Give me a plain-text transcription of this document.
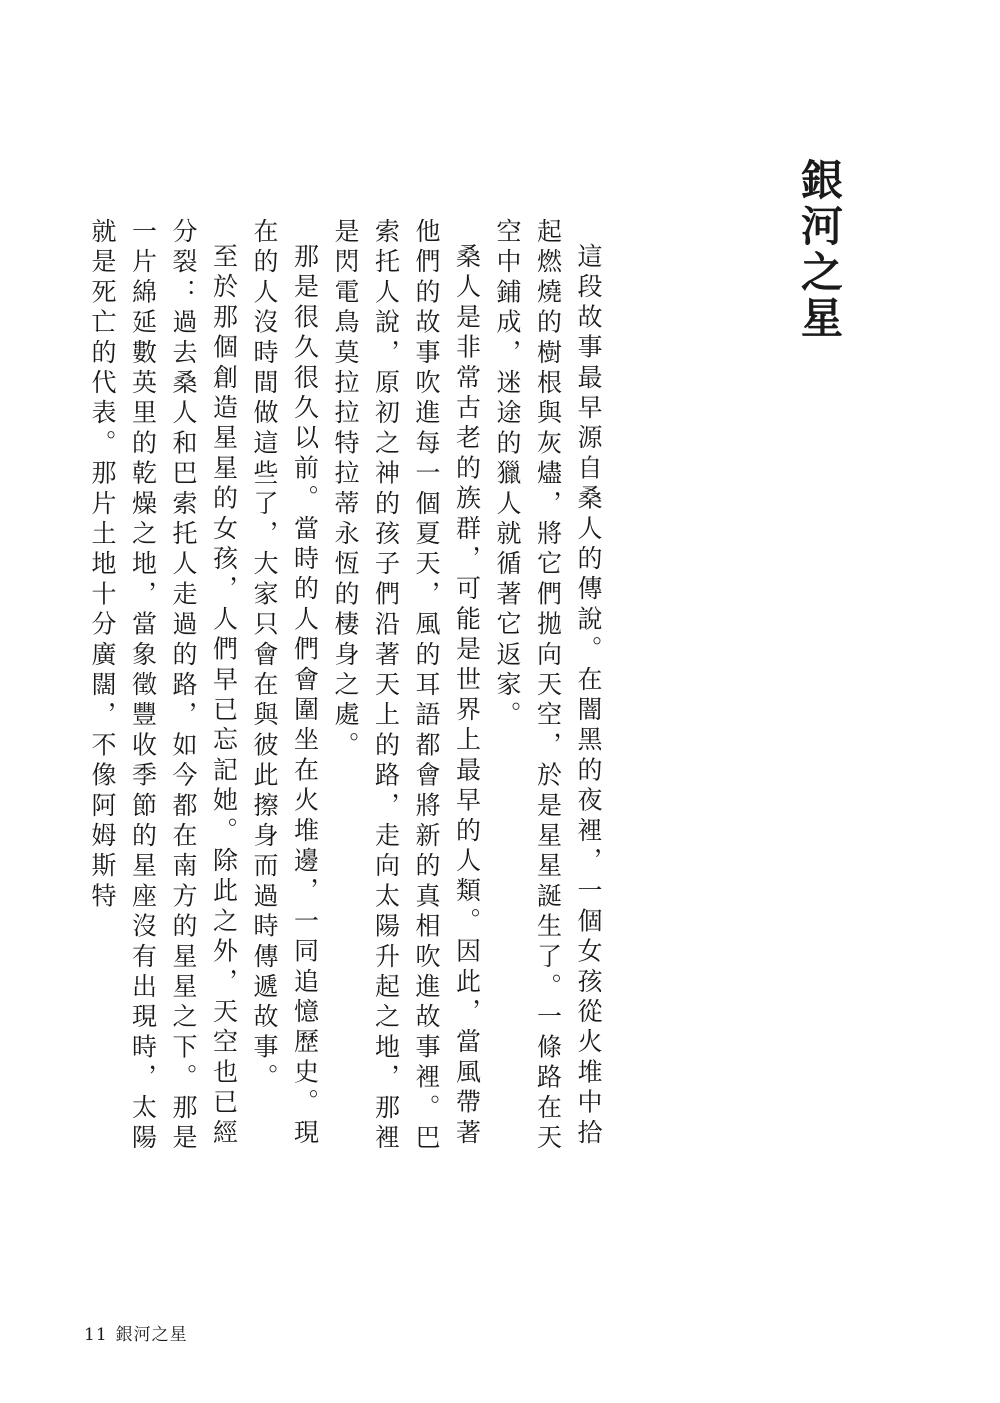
銀河之星

這段故事最早源自桑人的傳說。在闇黑的夜裡，一個女孩從火堆中拾起燃燒的樹根與灰燼，將它們拋向天空，於是星星誕生了。一條路在天空中鋪成，迷途的獵人就循著它返家。

桑人是非常古老的族群，可能是世界上最早的人類。因此，當風帶著他們的故事吹進每一個夏天，風的耳語都會將新的真相吹進故事裡。巴索托人說，原初之神的孩子們沿著天上的路，走向太陽升起之地，那裡是閃電鳥莫拉拉特拉蒂永恆的棲身之處。

那是很久很久以前。當時的人們會圍坐在火堆邊，一同追憶歷史。現在的人沒時間做這些了，大家只會在與彼此擦身而過時傳遞故事。

至於那個創造星星的女孩，人們早已忘記她。除此之外，天空也已經分裂：過去桑人和巴索托人走過的路，如今都在南方的星星之下。那是一片綿延數英里的乾燥之地，當象徵豐收季節的星座沒有出現時，太陽就是死亡的代表。那片土地十分廣闊，不像阿姆斯特

11 銀河之星
